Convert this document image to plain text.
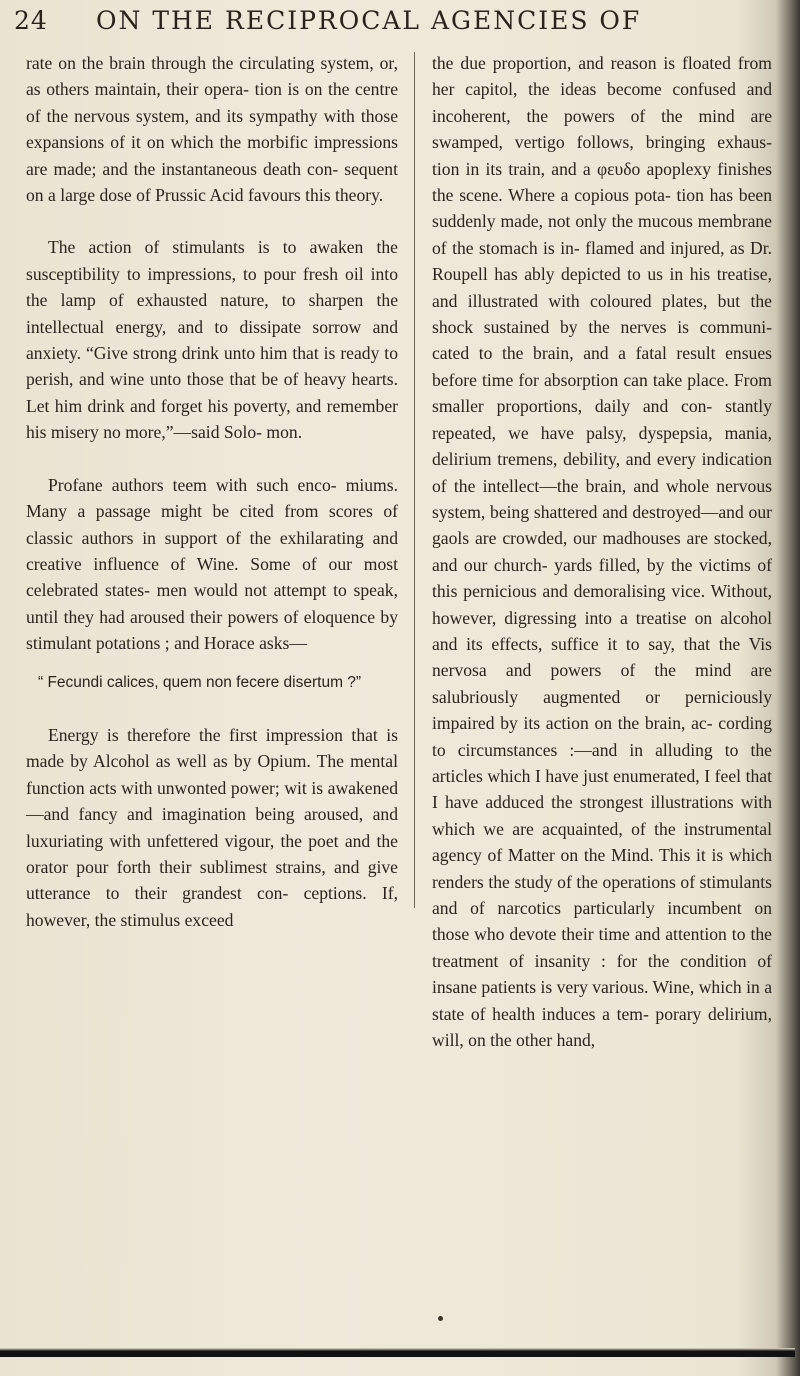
24 ON THE RECIPROCAL AGENCIES OF

rate on the brain through the circulating system, or, as others maintain, their opera- tion is on the centre of the nervous system, and its sympathy with those expansions of it on which the morbific impressions are made; and the instantaneous death con- sequent on a large dose of Prussic Acid favours this theory.

The action of stimulants is to awaken the susceptibility to impressions, to pour fresh oil into the lamp of exhausted nature, to sharpen the intellectual energy, and to dissipate sorrow and anxiety. “Give strong drink unto him that is ready to perish, and wine unto those that be of heavy hearts. Let him drink and forget his poverty, and remember his misery no more,”—said Solo- mon.

Profane authors teem with such enco- miums. Many a passage might be cited from scores of classic authors in support of the exhilarating and creative influence of Wine. Some of our most celebrated states- men would not attempt to speak, until they had aroused their powers of eloquence by stimulant potations ; and Horace asks—

“ Fecundi calices, quem non fecere disertum ?”

Energy is therefore the first impression that is made by Alcohol as well as by Opium. The mental function acts with unwonted power; wit is awakened—and fancy and imagination being aroused, and luxuriating with unfettered vigour, the poet and the orator pour forth their sublimest strains, and give utterance to their grandest con- ceptions. If, however, the stimulus exceed

the due proportion, and reason is floated from her capitol, the ideas become confused and incoherent, the powers of the mind are swamped, vertigo follows, bringing exhaus- tion in its train, and a φευδο apoplexy finishes the scene. Where a copious pota- tion has been suddenly made, not only the mucous membrane of the stomach is in- flamed and injured, as Dr. Roupell has ably depicted to us in his treatise, and illustrated with coloured plates, but the shock sustained by the nerves is communi- cated to the brain, and a fatal result ensues before time for absorption can take place. From smaller proportions, daily and con- stantly repeated, we have palsy, dyspepsia, mania, delirium tremens, debility, and every indication of the intellect—the brain, and whole nervous system, being shattered and destroyed—and our gaols are crowded, our madhouses are stocked, and our church- yards filled, by the victims of this pernicious and demoralising vice. Without, however, digressing into a treatise on alcohol and its effects, suffice it to say, that the Vis nervosa and powers of the mind are salubriously augmented or perniciously impaired by its action on the brain, ac- cording to circumstances :—and in alluding to the articles which I have just enumerated, I feel that I have adduced the strongest illustrations with which we are acquainted, of the instrumental agency of Matter on the Mind. This it is which renders the study of the operations of stimulants and of narcotics particularly incumbent on those who devote their time and attention to the treatment of insanity : for the condition of insane patients is very various. Wine, which in a state of health induces a tem- porary delirium, will, on the other hand,
